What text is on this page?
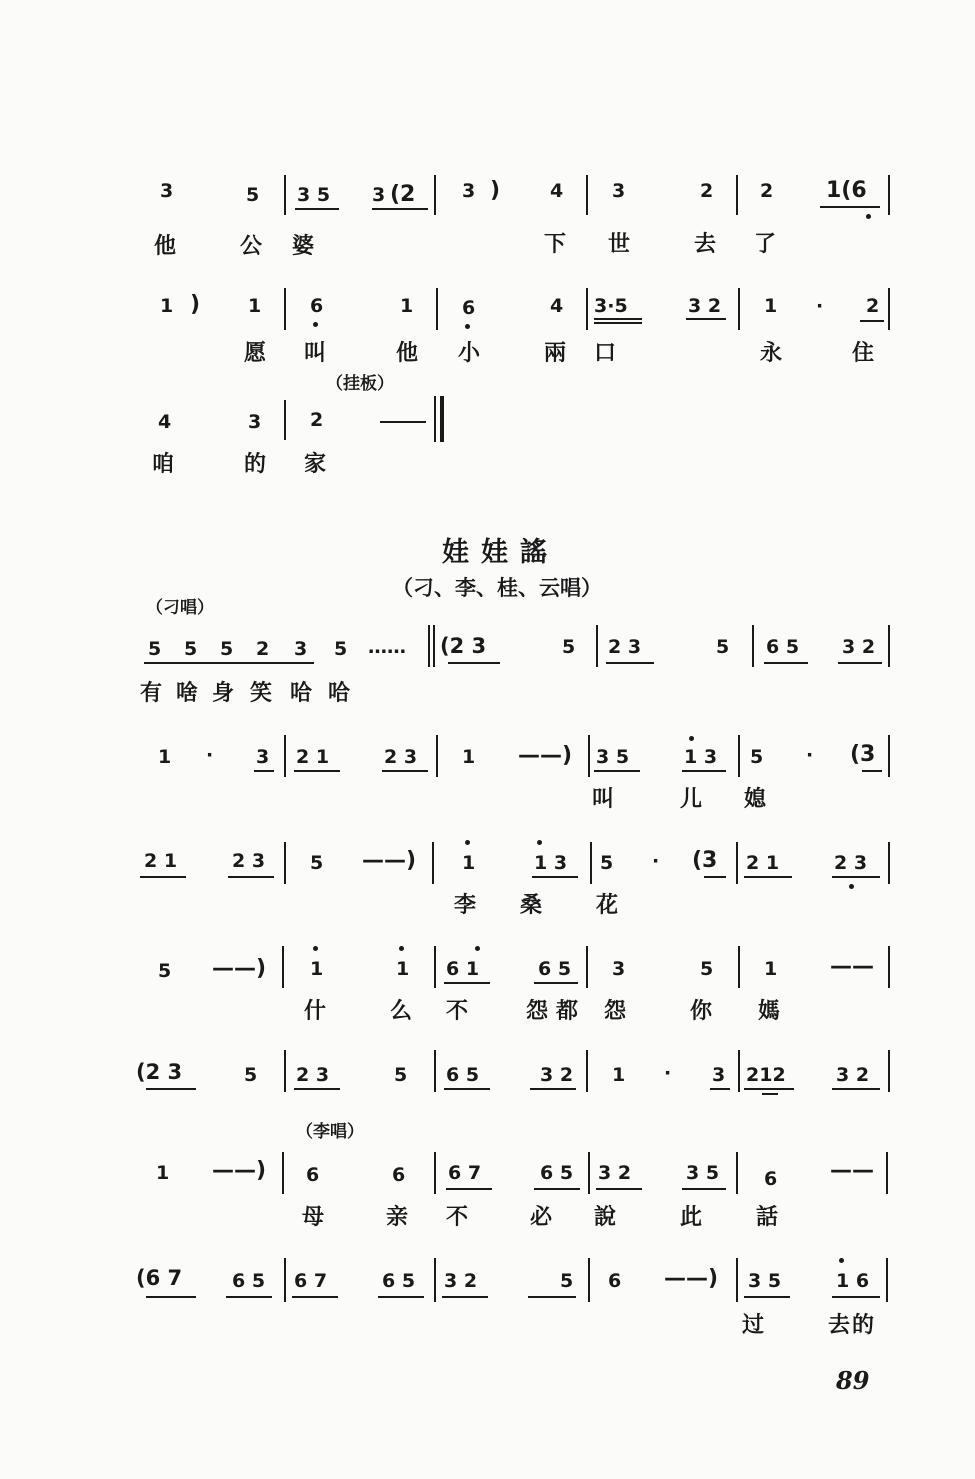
3	5 3 5 3 (2 3 )	4	3	2 2 1(6
他	公 婆	下 世	去 了
1 )	1	6	1	6	4 3·5	3 2 1 · 2
愿 叫	他 小	兩 口	永	住
（挂板）
4	3	2
咱	的 家
娃娃謠
（刁、李、桂、云唱）
（刁唱）
5 5 5 2 3 5 …… (2 3	5 2 3	5 6 5 3 2
有 啥 身 笑 哈 哈
1 · 3 2 1	2 3 1 ——) 3 5	1 3 5 · (3
叫	儿 媳
2 1	2 3 5 ——) 1	1 3 5 · (3 2 1	2 3
李 桑 花
5 ——) 1	1 6 1	6 5 3	5	1 ——
什	么 不	怨 都 怨	你 媽
(2 3	5 2 3	5 6 5	3 2 1 · 3 212	3 2
（李唱）
1 ——) 6	6 6 7	6 5 3 2	3 5 6 ——
母	亲 不	必 說	此 話
(6 7	6 5 6 7	6 5 3 2	5 6 ——) 3 5	1 6
过	去 的
89
